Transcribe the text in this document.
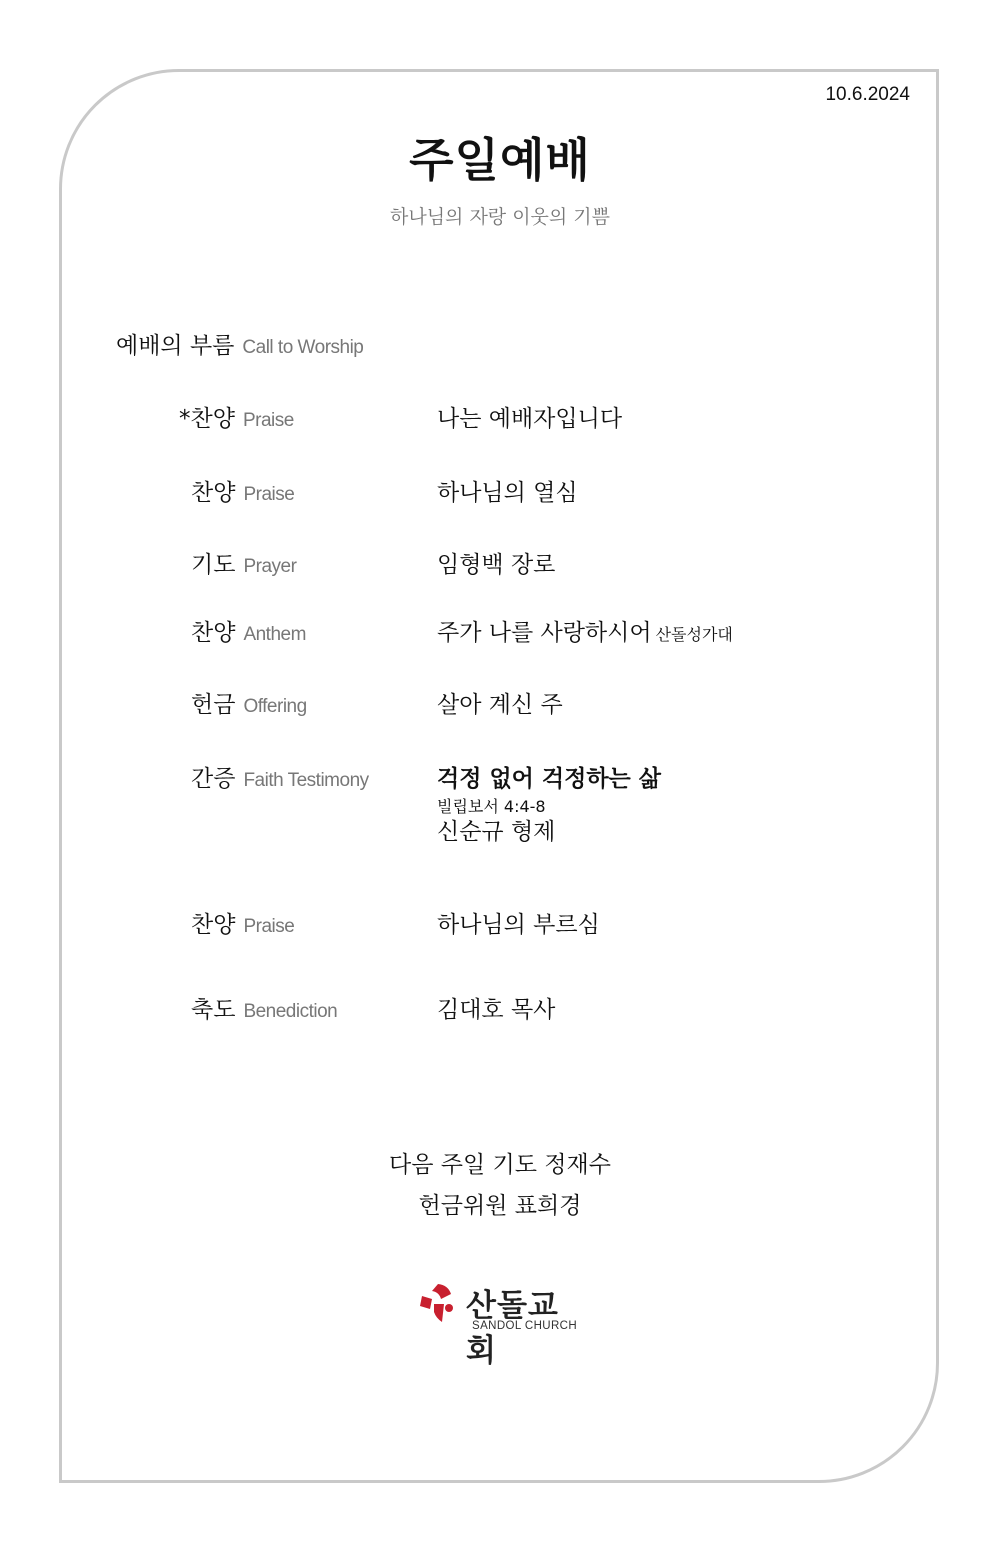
10.6.2024
주일예배
하나님의 자랑 이웃의 기쁨
예배의 부름 Call to Worship
*찬양 Praise	나는 예배자입니다
찬양 Praise	하나님의 열심
기도 Prayer	임형백 장로
찬양 Anthem	주가 나를 사랑하시어 산돌성가대
헌금 Offering	살아 계신 주
간증 Faith Testimony	걱정 없어 걱정하는 삶
빌립보서 4:4-8
신순규 형제
찬양 Praise	하나님의 부르심
축도 Benediction	김대호 목사
다음 주일 기도 정재수
헌금위원 표희경
산돌교회
SANDOL CHURCH
